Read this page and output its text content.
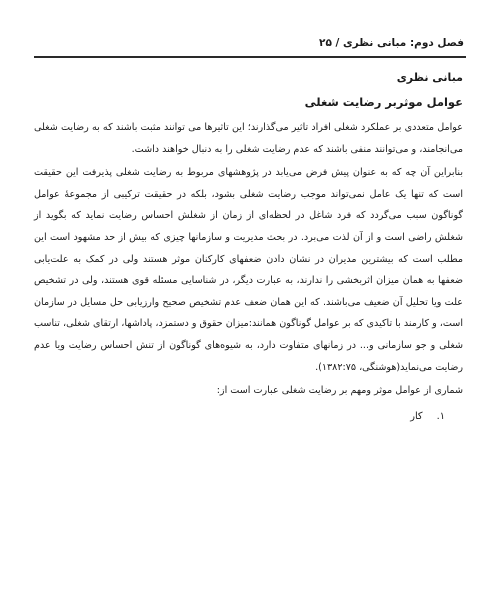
فصل دوم: مبانی نظری / ۲۵
مبانی نظری
عوامل موثربر رضایت شغلی

عوامل متعددی بر عملکرد شغلی افراد تاثیر می‌گذارند؛ این تاثیرها می توانند مثبت باشند که به رضایت شغلی می‌انجامند، و می‌توانند منفی باشند که عدم رضایت شغلی را به دنبال خواهند داشت.

بنابراین آن چه که به عنوان پیش فرض می‌یابد در پژوهشهای مربوط به رضایت شغلی پذیرفت این حقیقت است که تنها یک عامل نمی‌تواند موجب رضایت شغلی بشود، بلکه در حقیقت ترکیبی از مجموعهٔ عوامل گوناگون سبب می‌گردد که فرد شاغل در لحظه‌ای از زمان از شغلش احساس رضایت نماید که بگوید از شغلش راضی است و از آن لذت می‌برد. در بحث مدیریت و سازمانها چیزی که بیش از حد مشهود است این مطلب است که بیشترین مدیران در نشان دادن ضعفهای کارکنان موثر هستند ولی در کمک به علت‌یابی ضعفها به همان میزان اثربخشی را ندارند، به عبارت دیگر، در شناسایی مسئله قوی هستند، ولی در تشخیص علت ویا تحلیل آن ضعیف می‌باشند. که این همان ضعف عدم تشخیص صحیح وارزیابی حل مسایل در سازمان است، و کارمند با تاکیدی که بر عوامل گوناگون همانند:میزان حقوق و دستمزد، پاداشها، ارتقای شغلی، تناسب شغلی و جو سازمانی و... در زمانهای متفاوت دارد، به شیوه‌های گوناگون از تنش احساس رضایت ویا عدم رضایت می‌نماید(هوشنگی، ۱۳۸۲:۷۵).

شماری از عوامل موثر ومهم بر رضایت شغلی عبارت است از:

۱.کار
